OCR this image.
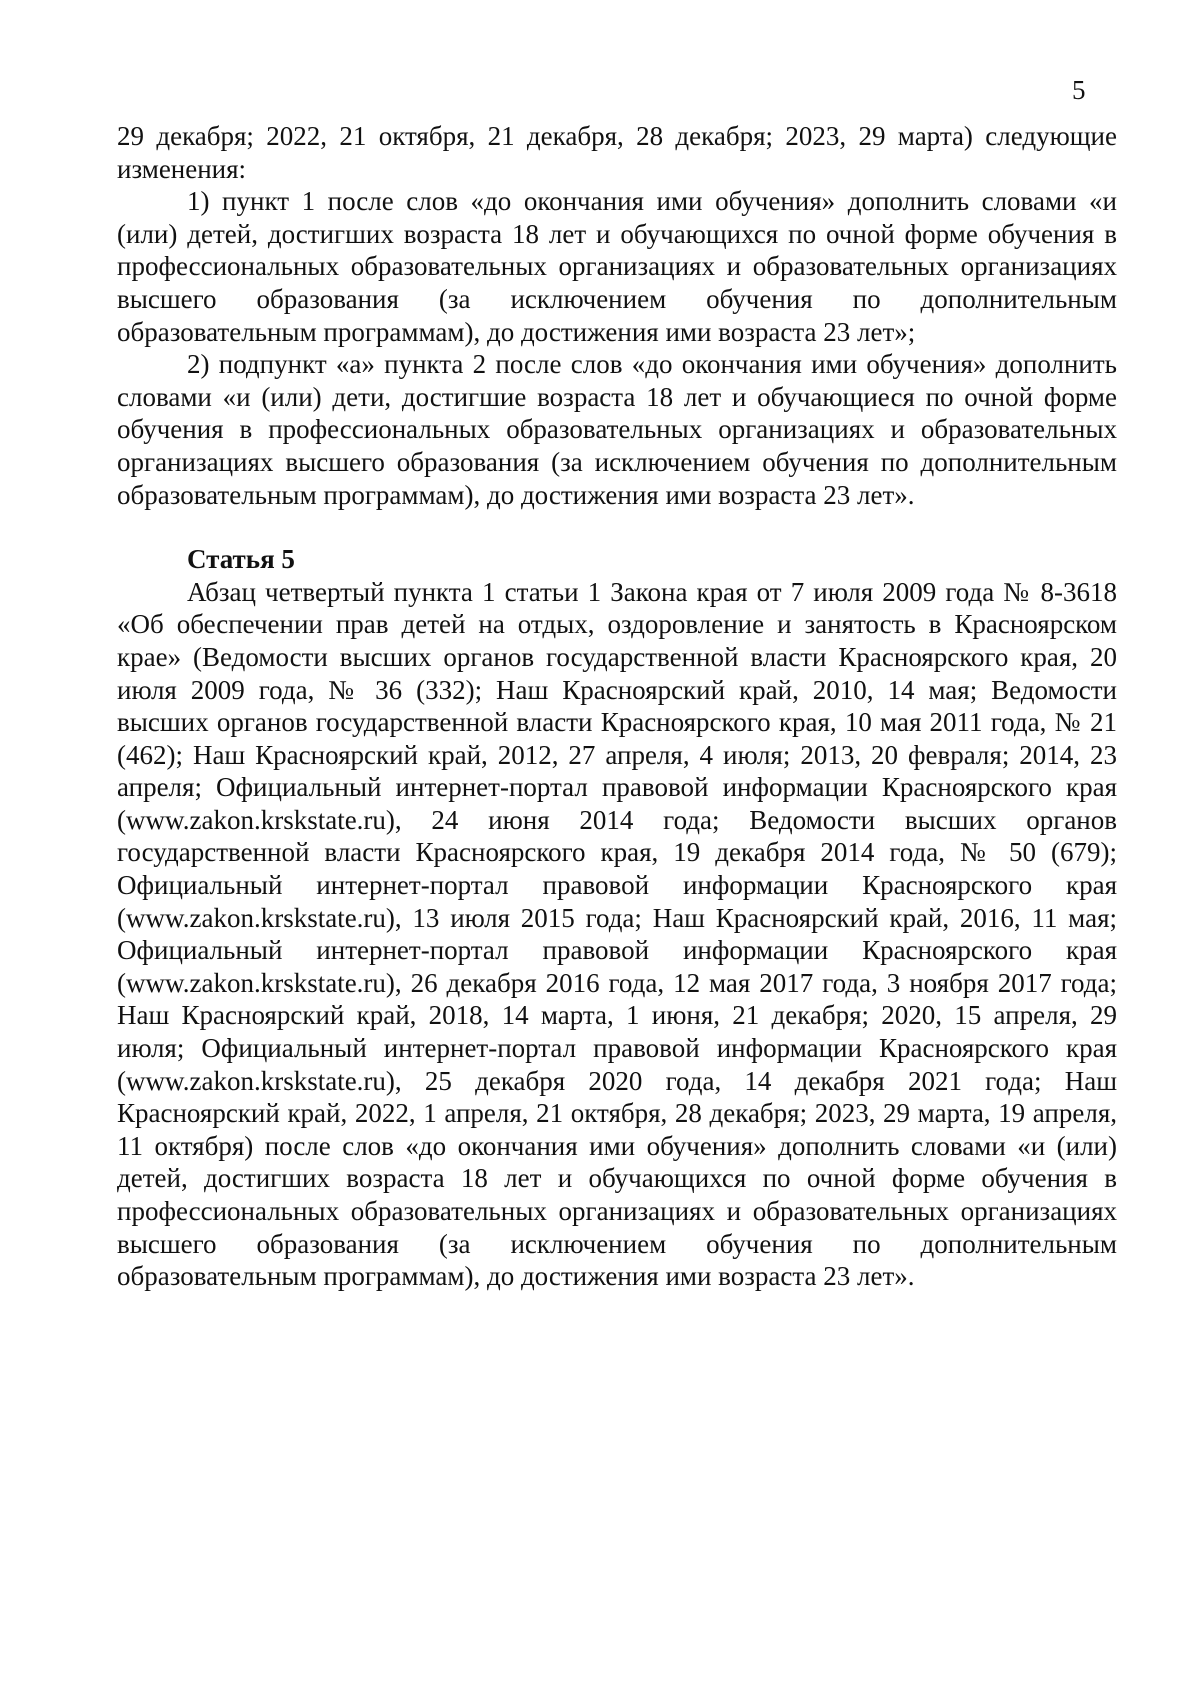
5

29 декабря; 2022, 21 октября, 21 декабря, 28 декабря; 2023, 29 марта) следующие изменения:

1) пункт 1 после слов «до окончания ими обучения» дополнить словами «и (или) детей, достигших возраста 18 лет и обучающихся по очной форме обучения в профессиональных образовательных организациях и образовательных организациях высшего образования (за исключением обучения по дополнительным образовательным программам), до достижения ими возраста 23 лет»;

2) подпункт «а» пункта 2 после слов «до окончания ими обучения» дополнить словами «и (или) дети, достигшие возраста 18 лет и обучающиеся по очной форме обучения в профессиональных образовательных организациях и образовательных организациях высшего образования (за исключением обучения по дополнительным образовательным программам), до достижения ими возраста 23 лет».

Статья 5

Абзац четвертый пункта 1 статьи 1 Закона края от 7 июля 2009 года № 8-3618 «Об обеспечении прав детей на отдых, оздоровление и занятость в Красноярском крае» (Ведомости высших органов государственной власти Красноярского края, 20 июля 2009 года, № 36 (332); Наш Красноярский край, 2010, 14 мая; Ведомости высших органов государственной власти Красноярского края, 10 мая 2011 года, № 21 (462); Наш Красноярский край, 2012, 27 апреля, 4 июля; 2013, 20 февраля; 2014, 23 апреля; Официальный интернет-портал правовой информации Красноярского края (www.zakon.krskstate.ru), 24 июня 2014 года; Ведомости высших органов государственной власти Красноярского края, 19 декабря 2014 года, № 50 (679); Официальный интернет-портал правовой информации Красноярского края (www.zakon.krskstate.ru), 13 июля 2015 года; Наш Красноярский край, 2016, 11 мая; Официальный интернет-портал правовой информации Красноярского края (www.zakon.krskstate.ru), 26 декабря 2016 года, 12 мая 2017 года, 3 ноября 2017 года; Наш Красноярский край, 2018, 14 марта, 1 июня, 21 декабря; 2020, 15 апреля, 29 июля; Официальный интернет-портал правовой информации Красноярского края (www.zakon.krskstate.ru), 25 декабря 2020 года, 14 декабря 2021 года; Наш Красноярский край, 2022, 1 апреля, 21 октября, 28 декабря; 2023, 29 марта, 19 апреля, 11 октября) после слов «до окончания ими обучения» дополнить словами «и (или) детей, достигших возраста 18 лет и обучающихся по очной форме обучения в профессиональных образовательных организациях и образовательных организациях высшего образования (за исключением обучения по дополнительным образовательным программам), до достижения ими возраста 23 лет».
